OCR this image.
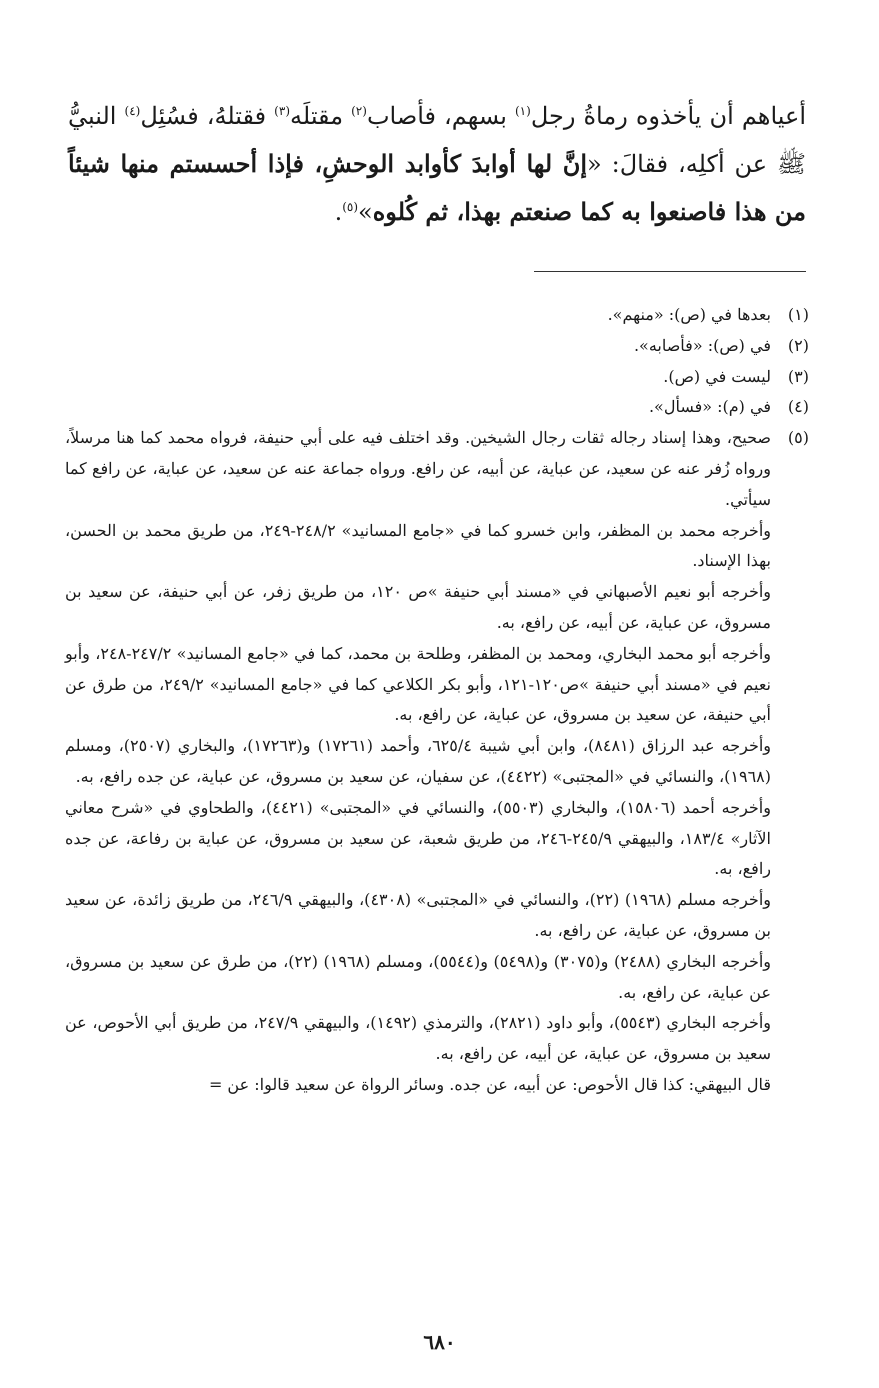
أعياهم أن يأخذوه رماةُ رجل$^{(١)}$ بسهم، فأصاب$^{(٢)}$ مقتلَه$^{(٣)}$ فقتلهُ، فسُئِل$^{(٤)}$ النبيُّ ﷺ عن أكلِه، فقالَ: «إنَّ لها أوابدَ كأوابد الوحشِ، فإذا أحسستم منها شيئاً من هذا فاصنعوا به كما صنعتم بهذا، ثم كُلوه»$^{(٥)}$.

(١)
بعدها في (ص): «منهم».
(٢)
في (ص): «فأصابه».
(٣)
ليست في (ص).
(٤)
في (م): «فسأل».
(٥)

صحيح، وهذا إسناد رجاله ثقات رجال الشيخين. وقد اختلف فيه على أبي حنيفة، فرواه محمد كما هنا مرسلاً، ورواه زُفر عنه عن سعيد، عن عباية، عن أبيه، عن رافع. ورواه جماعة عنه عن سعيد، عن عباية، عن رافع كما سيأتي.

وأخرجه محمد بن المظفر، وابن خسرو كما في «جامع المسانيد» ٢٤٨/٢-٢٤٩، من طريق محمد بن الحسن، بهذا الإسناد.

وأخرجه أبو نعيم الأصبهاني في «مسند أبي حنيفة »ص ١٢٠، من طريق زفر، عن أبي حنيفة، عن سعيد بن مسروق، عن عباية، عن أبيه، عن رافع، به.

وأخرجه أبو محمد البخاري، ومحمد بن المظفر، وطلحة بن محمد، كما في «جامع المسانيد» ٢٤٧/٢-٢٤٨، وأبو نعيم في «مسند أبي حنيفة »ص١٢٠-١٢١، وأبو بكر الكلاعي كما في «جامع المسانيد» ٢٤٩/٢، من طرق عن أبي حنيفة، عن سعيد بن مسروق، عن عباية، عن رافع، به.

وأخرجه عبد الرزاق (٨٤٨١)، وابن أبي شيبة ٦٢٥/٤، وأحمد (١٧٢٦١) و(١٧٢٦٣)، والبخاري (٢٥٠٧)، ومسلم (١٩٦٨)، والنسائي في «المجتبى» (٤٤٢٢)، عن سفيان، عن سعيد بن مسروق، عن عباية، عن جده رافع، به.

وأخرجه أحمد (١٥٨٠٦)، والبخاري (٥٥٠٣)، والنسائي في «المجتبى» (٤٤٢١)، والطحاوي في «شرح معاني الآثار» ١٨٣/٤، والبيهقي ٢٤٥/٩-٢٤٦، من طريق شعبة، عن سعيد بن مسروق، عن عباية بن رفاعة، عن جده رافع، به.

وأخرجه مسلم (١٩٦٨) (٢٢)، والنسائي في «المجتبى» (٤٣٠٨)، والبيهقي ٢٤٦/٩، من طريق زائدة، عن سعيد بن مسروق، عن عباية، عن رافع، به.

وأخرجه البخاري (٢٤٨٨) و(٣٠٧٥) و(٥٤٩٨) و(٥٥٤٤)، ومسلم (١٩٦٨) (٢٢)، من طرق عن سعيد بن مسروق، عن عباية، عن رافع، به.

وأخرجه البخاري (٥٥٤٣)، وأبو داود (٢٨٢١)، والترمذي (١٤٩٢)، والبيهقي ٢٤٧/٩، من طريق أبي الأحوص، عن سعيد بن مسروق، عن عباية، عن أبيه، عن رافع، به.

قال البيهقي: كذا قال الأحوص: عن أبيه، عن جده. وسائر الرواة عن سعيد قالوا: عن =

٦٨٠
